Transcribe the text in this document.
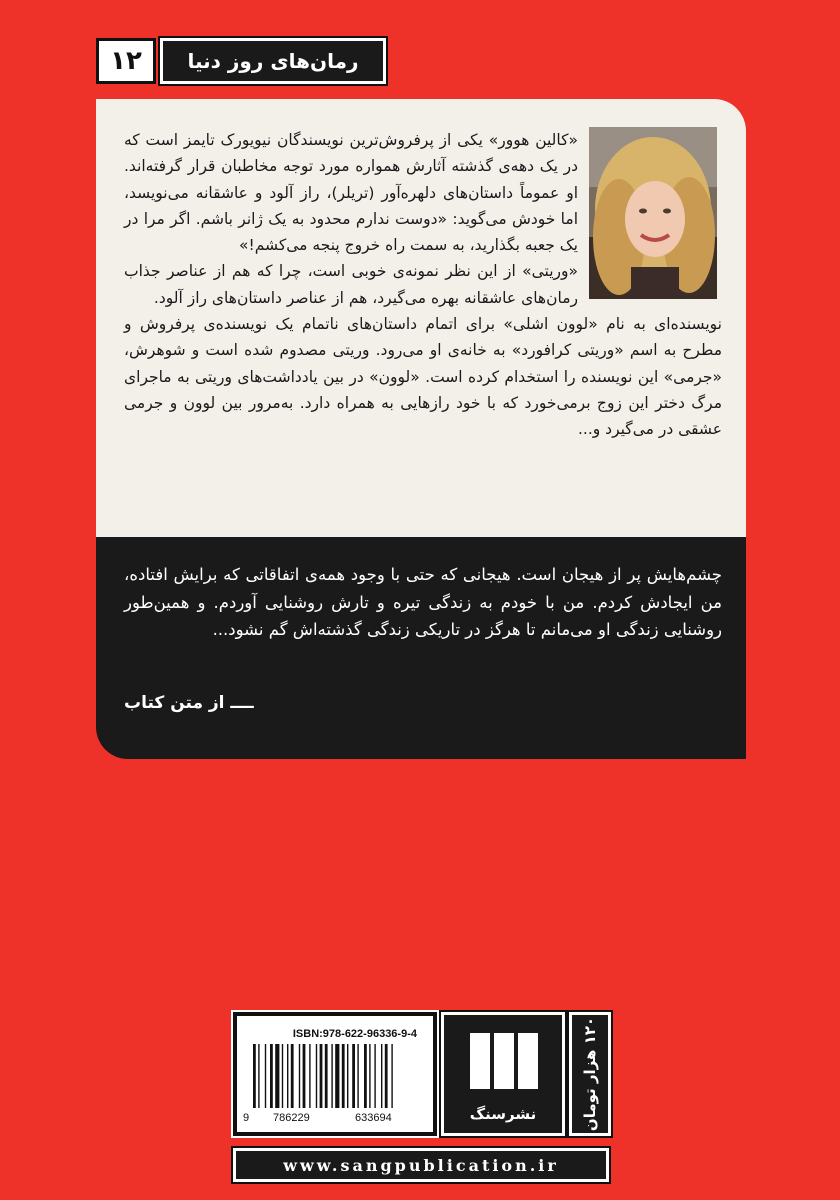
۱۲ رمان‌های روز دنیا

«کالین هوور» یکی از پرفروش‌ترین نویسندگان نیویورک تایمز است که در یک دهه‌ی گذشته آثارش همواره مورد توجه مخاطبان قرار گرفته‌اند. او عموماً داستان‌های دلهره‌آور (تریلر)، راز آلود و عاشقانه می‌نویسد، اما خودش می‌گوید: «دوست ندارم محدود به یک ژانر باشم. اگر مرا در یک جعبه بگذارید، به سمت راه خروج پنجه می‌کشم!»

«وریتی» از این نظر نمونه‌ی خوبی است، چرا که هم از عناصر جذاب رمان‌های عاشقانه بهره می‌گیرد، هم از عناصر داستان‌های راز آلود.

نویسنده‌ای به نام «لوون اشلی» برای اتمام داستان‌های ناتمام یک نویسنده‌ی پرفروش و مطرح به اسم «وریتی کرافورد» به خانه‌ی او می‌رود. وریتی مصدوم شده است و شوهرش، «جرمی» این نویسنده را استخدام کرده است. «لوون» در بین یادداشت‌های وریتی به ماجرای مرگ دختر این زوج برمی‌خورد که با خود رازهایی به همراه دارد. به‌مرور بین لوون و جرمی عشقی در می‌گیرد و...

چشم‌هایش پر از هیجان است. هیجانی که حتی با وجود همه‌ی اتفاقاتی که برایش افتاده، من ایجادش کردم. من با خودم به زندگی تیره و تارش روشنایی آوردم. و همین‌طور روشنایی زندگی او می‌مانم تا هرگز در تاریکی زندگی گذشته‌اش گم نشود...

ــــ از متن کتاب
ISBN:978-622-96336-9-4
9 786229	633694	نشرسنگ	۱۲۰ هزار تومان
www.sangpublication.ir
